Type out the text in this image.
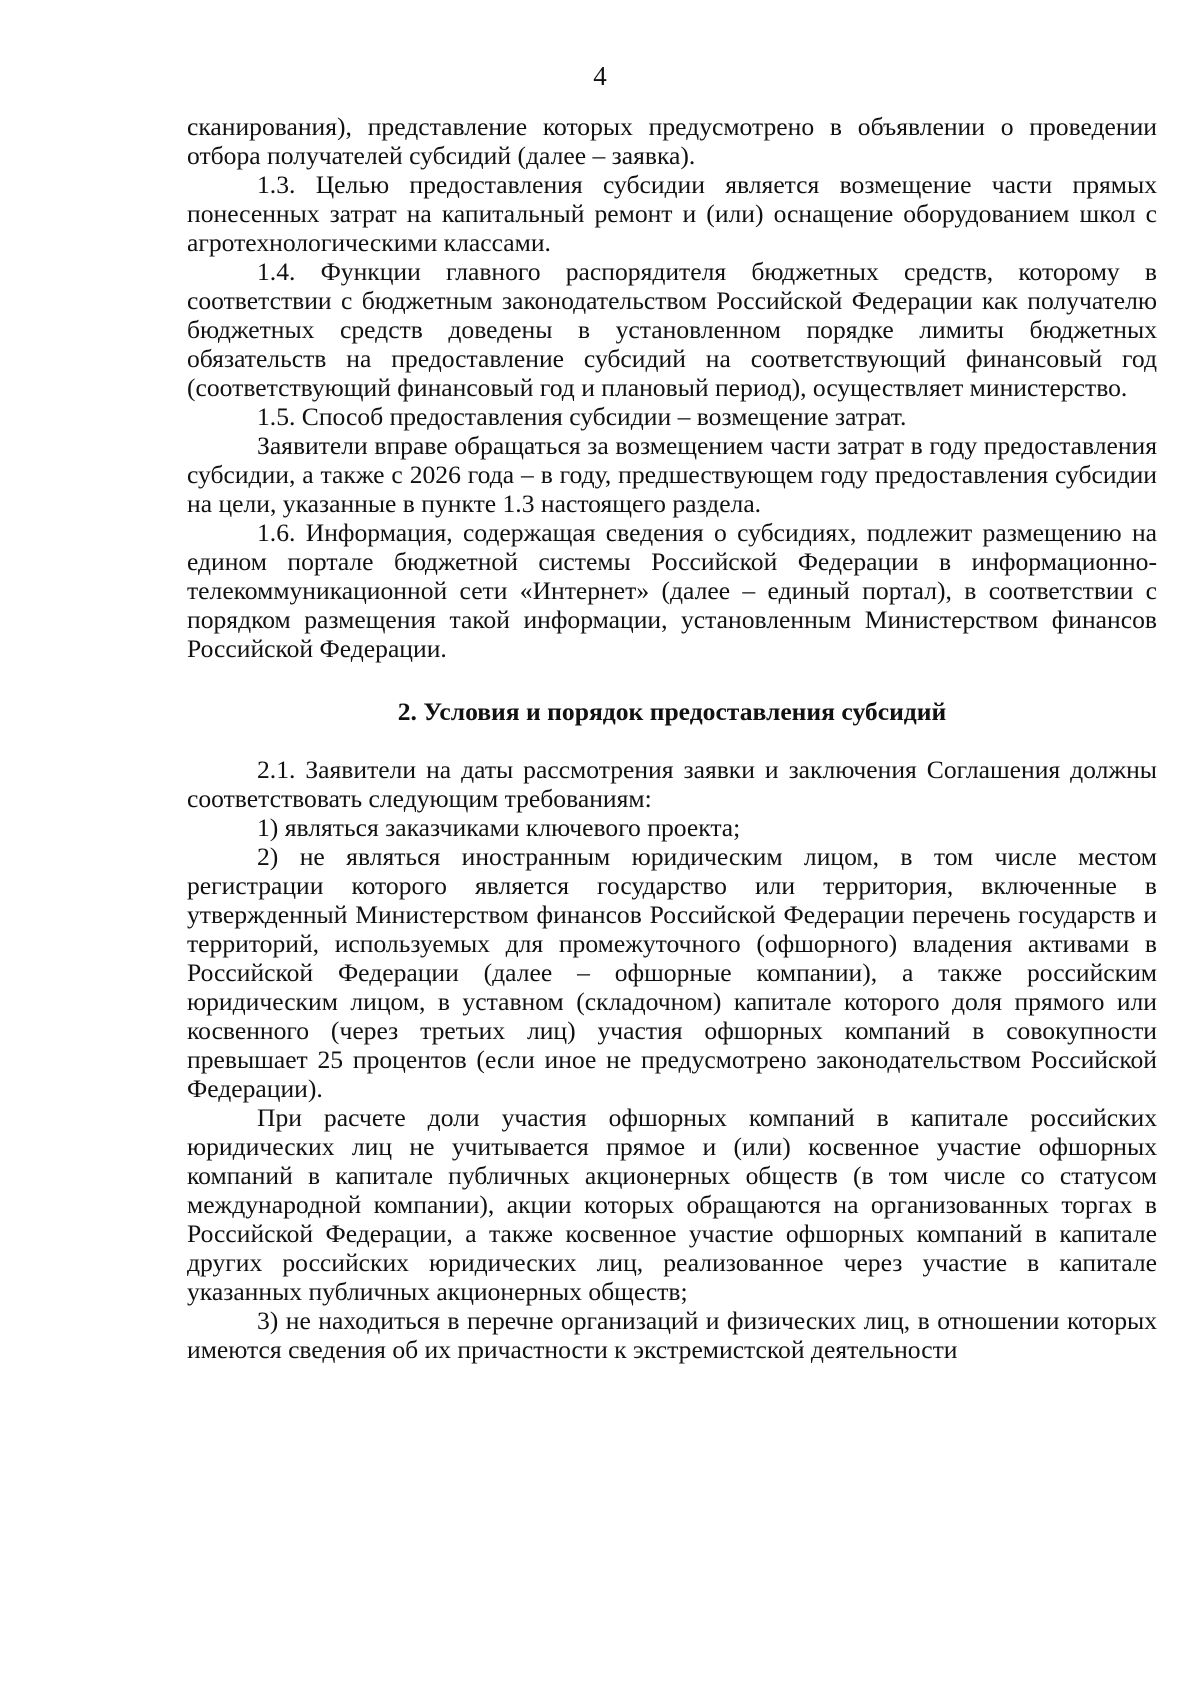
4

сканирования), представление которых предусмотрено в объявлении о проведении отбора получателей субсидий (далее – заявка).

1.3. Целью предоставления субсидии является возмещение части прямых понесенных затрат на капитальный ремонт и (или) оснащение оборудованием школ с агротехнологическими классами.

1.4. Функции главного распорядителя бюджетных средств, которому в соответствии с бюджетным законодательством Российской Федерации как получателю бюджетных средств доведены в установленном порядке лимиты бюджетных обязательств на предоставление субсидий на соответствующий финансовый год (соответствующий финансовый год и плановый период), осуществляет министерство.

1.5. Способ предоставления субсидии – возмещение затрат.

Заявители вправе обращаться за возмещением части затрат в году предоставления субсидии, а также с 2026 года – в году, предшествующем году предоставления субсидии на цели, указанные в пункте 1.3 настоящего раздела.

1.6. Информация, содержащая сведения о субсидиях, подлежит размещению на едином портале бюджетной системы Российской Федерации в информационно-телекоммуникационной сети «Интернет» (далее – единый портал), в соответствии с порядком размещения такой информации, установленным Министерством финансов Российской Федерации.

2. Условия и порядок предоставления субсидий

2.1. Заявители на даты рассмотрения заявки и заключения Соглашения должны соответствовать следующим требованиям:

1) являться заказчиками ключевого проекта;

2) не являться иностранным юридическим лицом, в том числе местом регистрации которого является государство или территория, включенные в утвержденный Министерством финансов Российской Федерации перечень государств и территорий, используемых для промежуточного (офшорного) владения активами в Российской Федерации (далее – офшорные компании), а также российским юридическим лицом, в уставном (складочном) капитале которого доля прямого или косвенного (через третьих лиц) участия офшорных компаний в совокупности превышает 25 процентов (если иное не предусмотрено законодательством Российской Федерации).

При расчете доли участия офшорных компаний в капитале российских юридических лиц не учитывается прямое и (или) косвенное участие офшорных компаний в капитале публичных акционерных обществ (в том числе со статусом международной компании), акции которых обращаются на организованных торгах в Российской Федерации, а также косвенное участие офшорных компаний в капитале других российских юридических лиц, реализованное через участие в капитале указанных публичных акционерных обществ;

3) не находиться в перечне организаций и физических лиц, в отношении которых имеются сведения об их причастности к экстремистской деятельности
